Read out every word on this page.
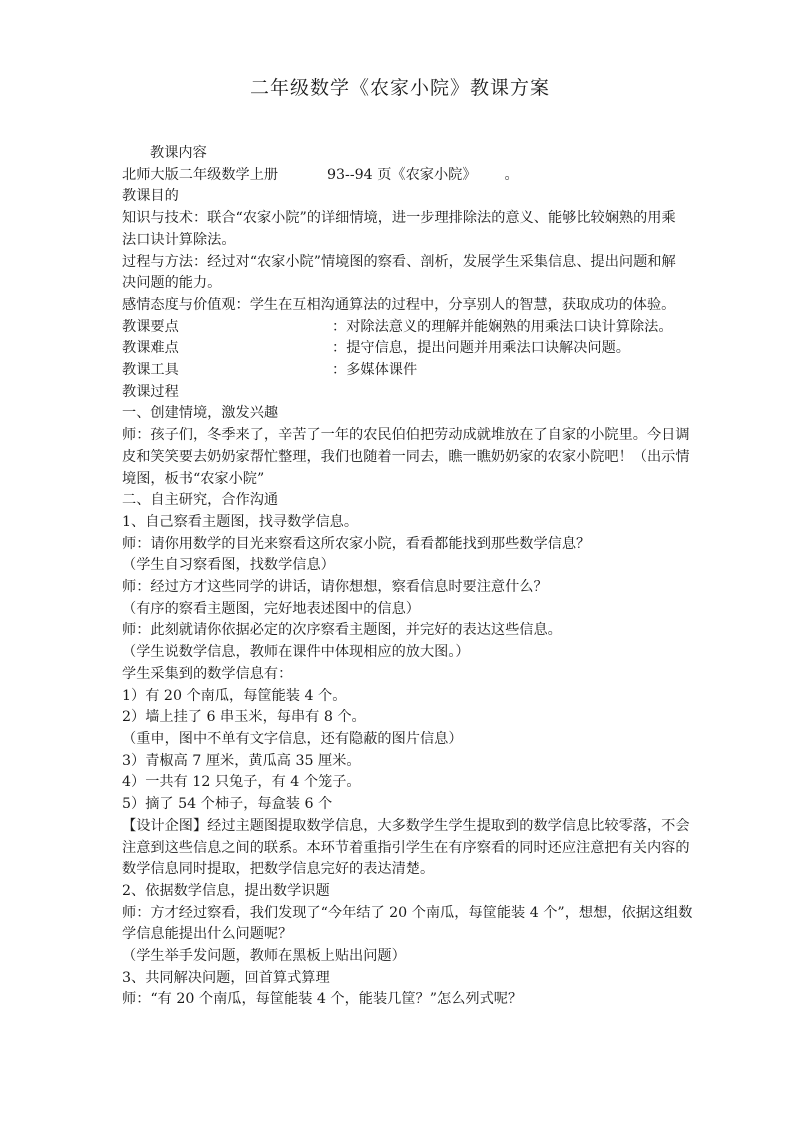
二年级数学《农家小院》教课方案
教课内容
北师大版二年级数学上册	93--94 页《农家小院》 。
教课目的
知识与技术：联合“农家小院”的详细情境，进一步理排除法的意义、能够比较娴熟的用乘
法口诀计算除法。
过程与方法：经过对“农家小院”情境图的察看、剖析，发展学生采集信息、提出问题和解
决问题的能力。
感情态度与价值观：学生在互相沟通算法的过程中，分享别人的智慧，获取成功的体验。
教课要点	：对除法意义的理解并能娴熟的用乘法口诀计算除法。
教课难点	：提守信息，提出问题并用乘法口诀解决问题。
教课工具	：多媒体课件
教课过程
一、创建情境，激发兴趣
师：孩子们，冬季来了，辛苦了一年的农民伯伯把劳动成就堆放在了自家的小院里。今日调
皮和笑笑要去奶奶家帮忙整理，我们也随着一同去，瞧一瞧奶奶家的农家小院吧！（出示情
境图，板书“农家小院”
二、自主研究，合作沟通
1、自己察看主题图，找寻数学信息。
师：请你用数学的目光来察看这所农家小院，看看都能找到那些数学信息？
（学生自习察看图，找数学信息）
师：经过方才这些同学的讲话，请你想想，察看信息时要注意什么？
（有序的察看主题图，完好地表述图中的信息）
师：此刻就请你依据必定的次序察看主题图，并完好的表达这些信息。
（学生说数学信息，教师在课件中体现相应的放大图。）
学生采集到的数学信息有：
1）有 20 个南瓜，每筐能装 4 个。
2）墙上挂了 6 串玉米，每串有 8 个。
（重申，图中不单有文字信息，还有隐蔽的图片信息）
3）青椒高 7 厘米，黄瓜高 35 厘米。
4）一共有 12 只兔子，有 4 个笼子。
5）摘了 54 个柿子，每盒装 6 个
【设计企图】经过主题图提取数学信息，大多数学生学生提取到的数学信息比较零落，不会
注意到这些信息之间的联系。本环节着重指引学生在有序察看的同时还应注意把有关内容的
数学信息同时提取，把数学信息完好的表达清楚。
2、依据数学信息，提出数学识题
师：方才经过察看，我们发现了“今年结了 20 个南瓜，每筐能装 4 个”，想想，依据这组数
学信息能提出什么问题呢？
（学生举手发问题，教师在黑板上贴出问题）
3、共同解决问题，回首算式算理
师：“有 20 个南瓜，每筐能装 4 个，能装几筐？”怎么列式呢？
